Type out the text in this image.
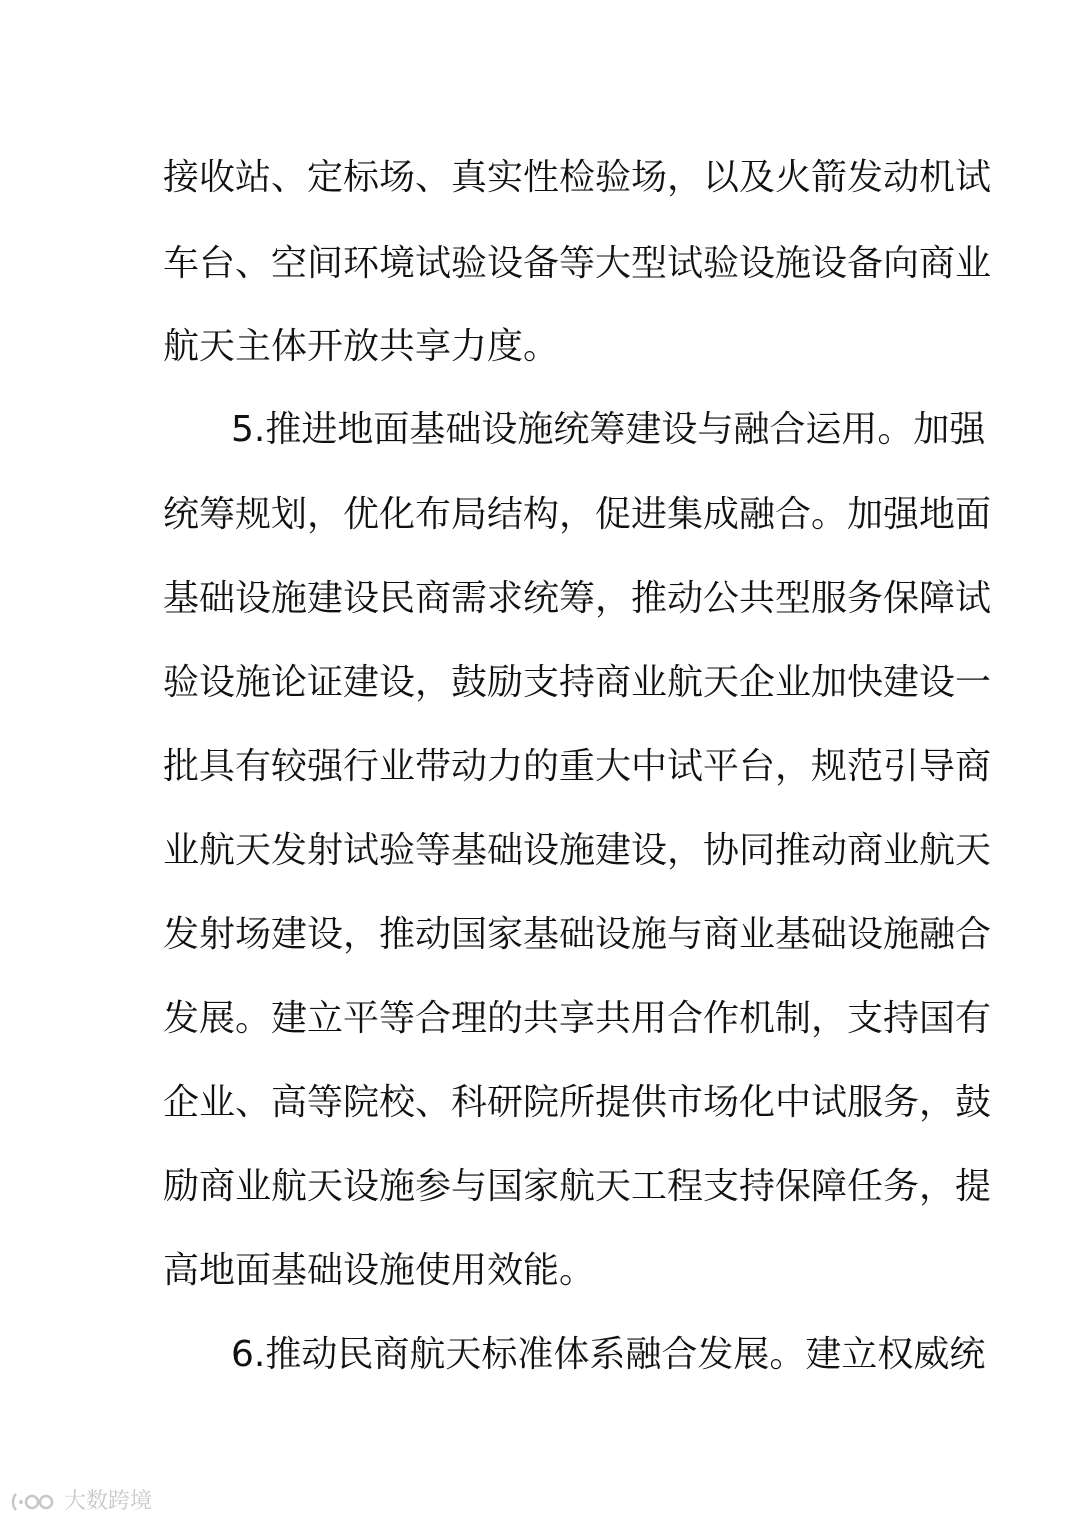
接收站、定标场、真实性检验场，以及火箭发动机试
车台、空间环境试验设备等大型试验设施设备向商业
航天主体开放共享力度。
5.推进地面基础设施统筹建设与融合运用。加强
统筹规划，优化布局结构，促进集成融合。加强地面
基础设施建设民商需求统筹，推动公共型服务保障试
验设施论证建设，鼓励支持商业航天企业加快建设一
批具有较强行业带动力的重大中试平台，规范引导商
业航天发射试验等基础设施建设，协同推动商业航天
发射场建设，推动国家基础设施与商业基础设施融合
发展。建立平等合理的共享共用合作机制，支持国有
企业、高等院校、科研院所提供市场化中试服务，鼓
励商业航天设施参与国家航天工程支持保障任务，提
高地面基础设施使用效能。
6.推动民商航天标准体系融合发展。建立权威统
大数跨境
